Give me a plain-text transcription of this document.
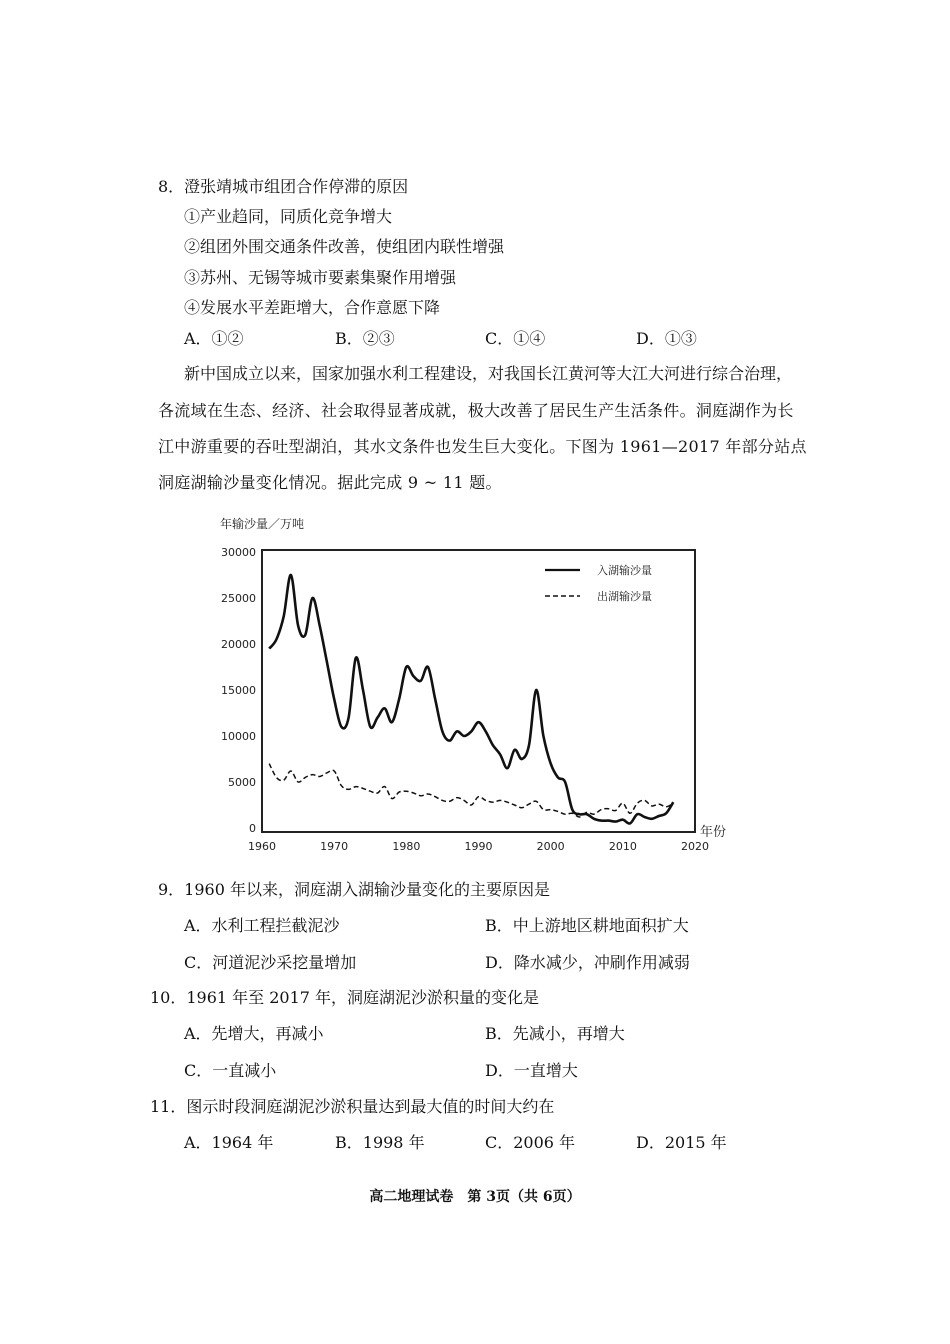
8．澄张靖城市组团合作停滞的原因
①产业趋同，同质化竞争增大
②组团外围交通条件改善，使组团内联性增强
③苏州、无锡等城市要素集聚作用增强
④发展水平差距增大，合作意愿下降
A．①②	B．②③	C．①④	D．①③
新中国成立以来，国家加强水利工程建设，对我国长江黄河等大江大河进行综合治理，
各流域在生态、经济、社会取得显著成就，极大改善了居民生产生活条件。洞庭湖作为长
江中游重要的吞吐型湖泊，其水文条件也发生巨大变化。下图为 1961—2017 年部分站点
洞庭湖输沙量变化情况。据此完成 9 ~ 11 题。
年输沙量／万吨
30000
25000
20000
15000
10000
5000
0
1960	1970	1980	1990	2000	2010	2020
年份
入湖输沙量
出湖输沙量
9．1960 年以来，洞庭湖入湖输沙量变化的主要原因是
A．水利工程拦截泥沙	B．中上游地区耕地面积扩大
C．河道泥沙采挖量增加	D．降水减少，冲刷作用减弱
10．1961 年至 2017 年，洞庭湖泥沙淤积量的变化是
A．先增大，再减小	B．先减小，再增大
C．一直减小	D．一直增大
11．图示时段洞庭湖泥沙淤积量达到最大值的时间大约在
A．1964 年	B．1998 年	C．2006 年	D．2015 年
高二地理试卷　第 3页（共 6页）
